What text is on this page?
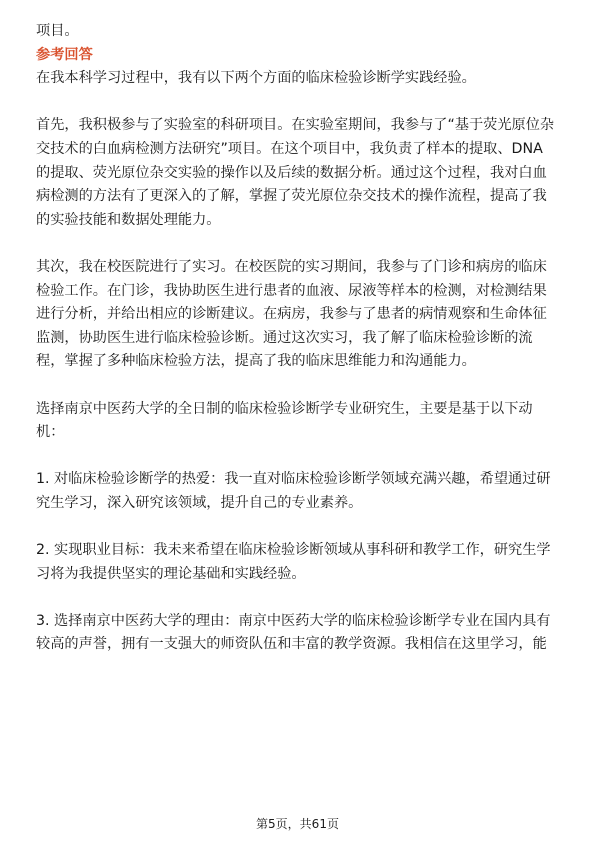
项目。

参考回答

在我本科学习过程中，我有以下两个方面的临床检验诊断学实践经验。

首先，我积极参与了实验室的科研项目。在实验室期间，我参与了“基于荧光原位杂

交技术的白血病检测方法研究”项目。在这个项目中，我负责了样本的提取、DNA

的提取、荧光原位杂交实验的操作以及后续的数据分析。通过这个过程，我对白血

病检测的方法有了更深入的了解，掌握了荧光原位杂交技术的操作流程，提高了我

的实验技能和数据处理能力。

其次，我在校医院进行了实习。在校医院的实习期间，我参与了门诊和病房的临床

检验工作。在门诊，我协助医生进行患者的血液、尿液等样本的检测，对检测结果

进行分析，并给出相应的诊断建议。在病房，我参与了患者的病情观察和生命体征

监测，协助医生进行临床检验诊断。通过这次实习，我了解了临床检验诊断的流

程，掌握了多种临床检验方法，提高了我的临床思维能力和沟通能力。

选择南京中医药大学的全日制的临床检验诊断学专业研究生，主要是基于以下动

机：

1. 对临床检验诊断学的热爱：我一直对临床检验诊断学领域充满兴趣，希望通过研

究生学习，深入研究该领域，提升自己的专业素养。

2. 实现职业目标：我未来希望在临床检验诊断领域从事科研和教学工作，研究生学

习将为我提供坚实的理论基础和实践经验。

3. 选择南京中医药大学的理由：南京中医药大学的临床检验诊断学专业在国内具有

较高的声誉，拥有一支强大的师资队伍和丰富的教学资源。我相信在这里学习，能

第5页，共61页
